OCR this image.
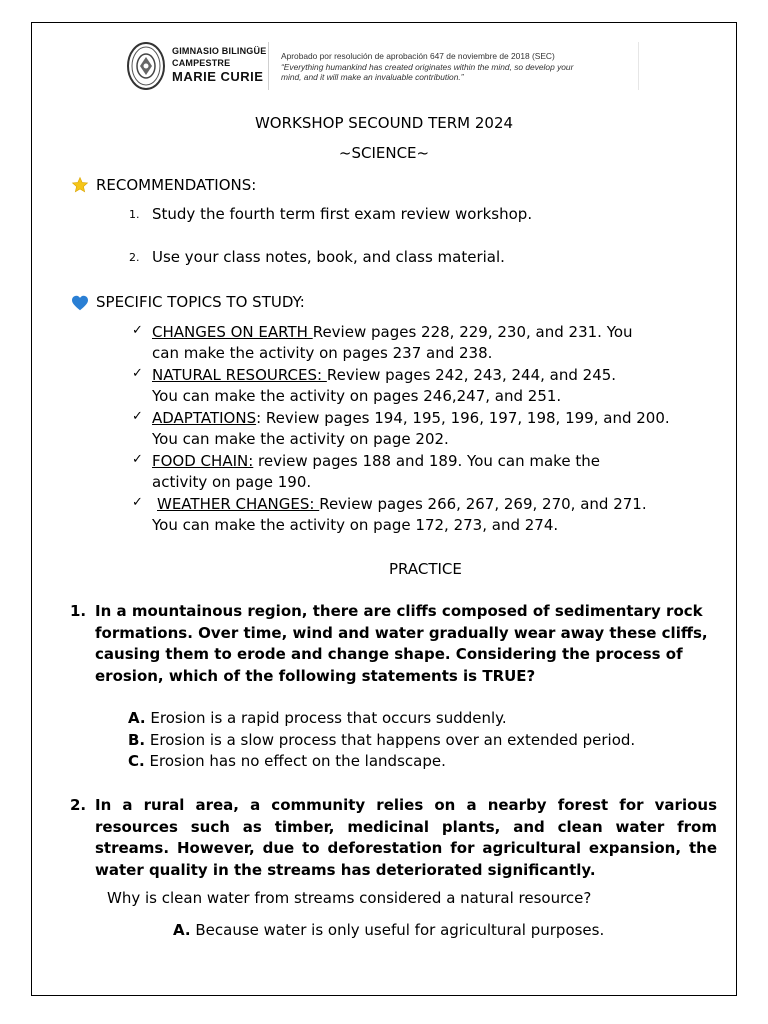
GIMNASIO BILINGÜE
CAMPESTRE
MARIE CURIE
Aprobado por resolución de aprobación 647 de noviembre de 2018 (SEC)
“Everything humankind has created originates within the mind, so develop your
mind, and it will make an invaluable contribution.”
WORKSHOP SECOUND TERM 2024
~SCIENCE~
RECOMMENDATIONS:
1. Study the fourth term first exam review workshop.
2. Use your class notes, book, and class material.
SPECIFIC TOPICS TO STUDY:
✓ CHANGES ON EARTH Review pages 228, 229, 230, and 231. You
can make the activity on pages 237 and 238.
✓ NATURAL RESOURCES: Review pages 242, 243, 244, and 245.
You can make the activity on pages 246,247, and 251.
✓ ADAPTATIONS: Review pages 194, 195, 196, 197, 198, 199, and 200.
You can make the activity on page 202.
✓ FOOD CHAIN: review pages 188 and 189. You can make the
activity on page 190.
✓ WEATHER CHANGES: Review pages 266, 267, 269, 270, and 271.
You can make the activity on page 172, 273, and 274.
PRACTICE
1. In a mountainous region, there are cliffs composed of sedimentary rock formations. Over time, wind and water gradually wear away these cliffs, causing them to erode and change shape. Considering the process of erosion, which of the following statements is TRUE?
A. Erosion is a rapid process that occurs suddenly.
B. Erosion is a slow process that happens over an extended period.
C. Erosion has no effect on the landscape.
2. In a rural area, a community relies on a nearby forest for various resources such as timber, medicinal plants, and clean water from streams. However, due to deforestation for agricultural expansion, the water quality in the streams has deteriorated significantly.
Why is clean water from streams considered a natural resource?
A. Because water is only useful for agricultural purposes.
